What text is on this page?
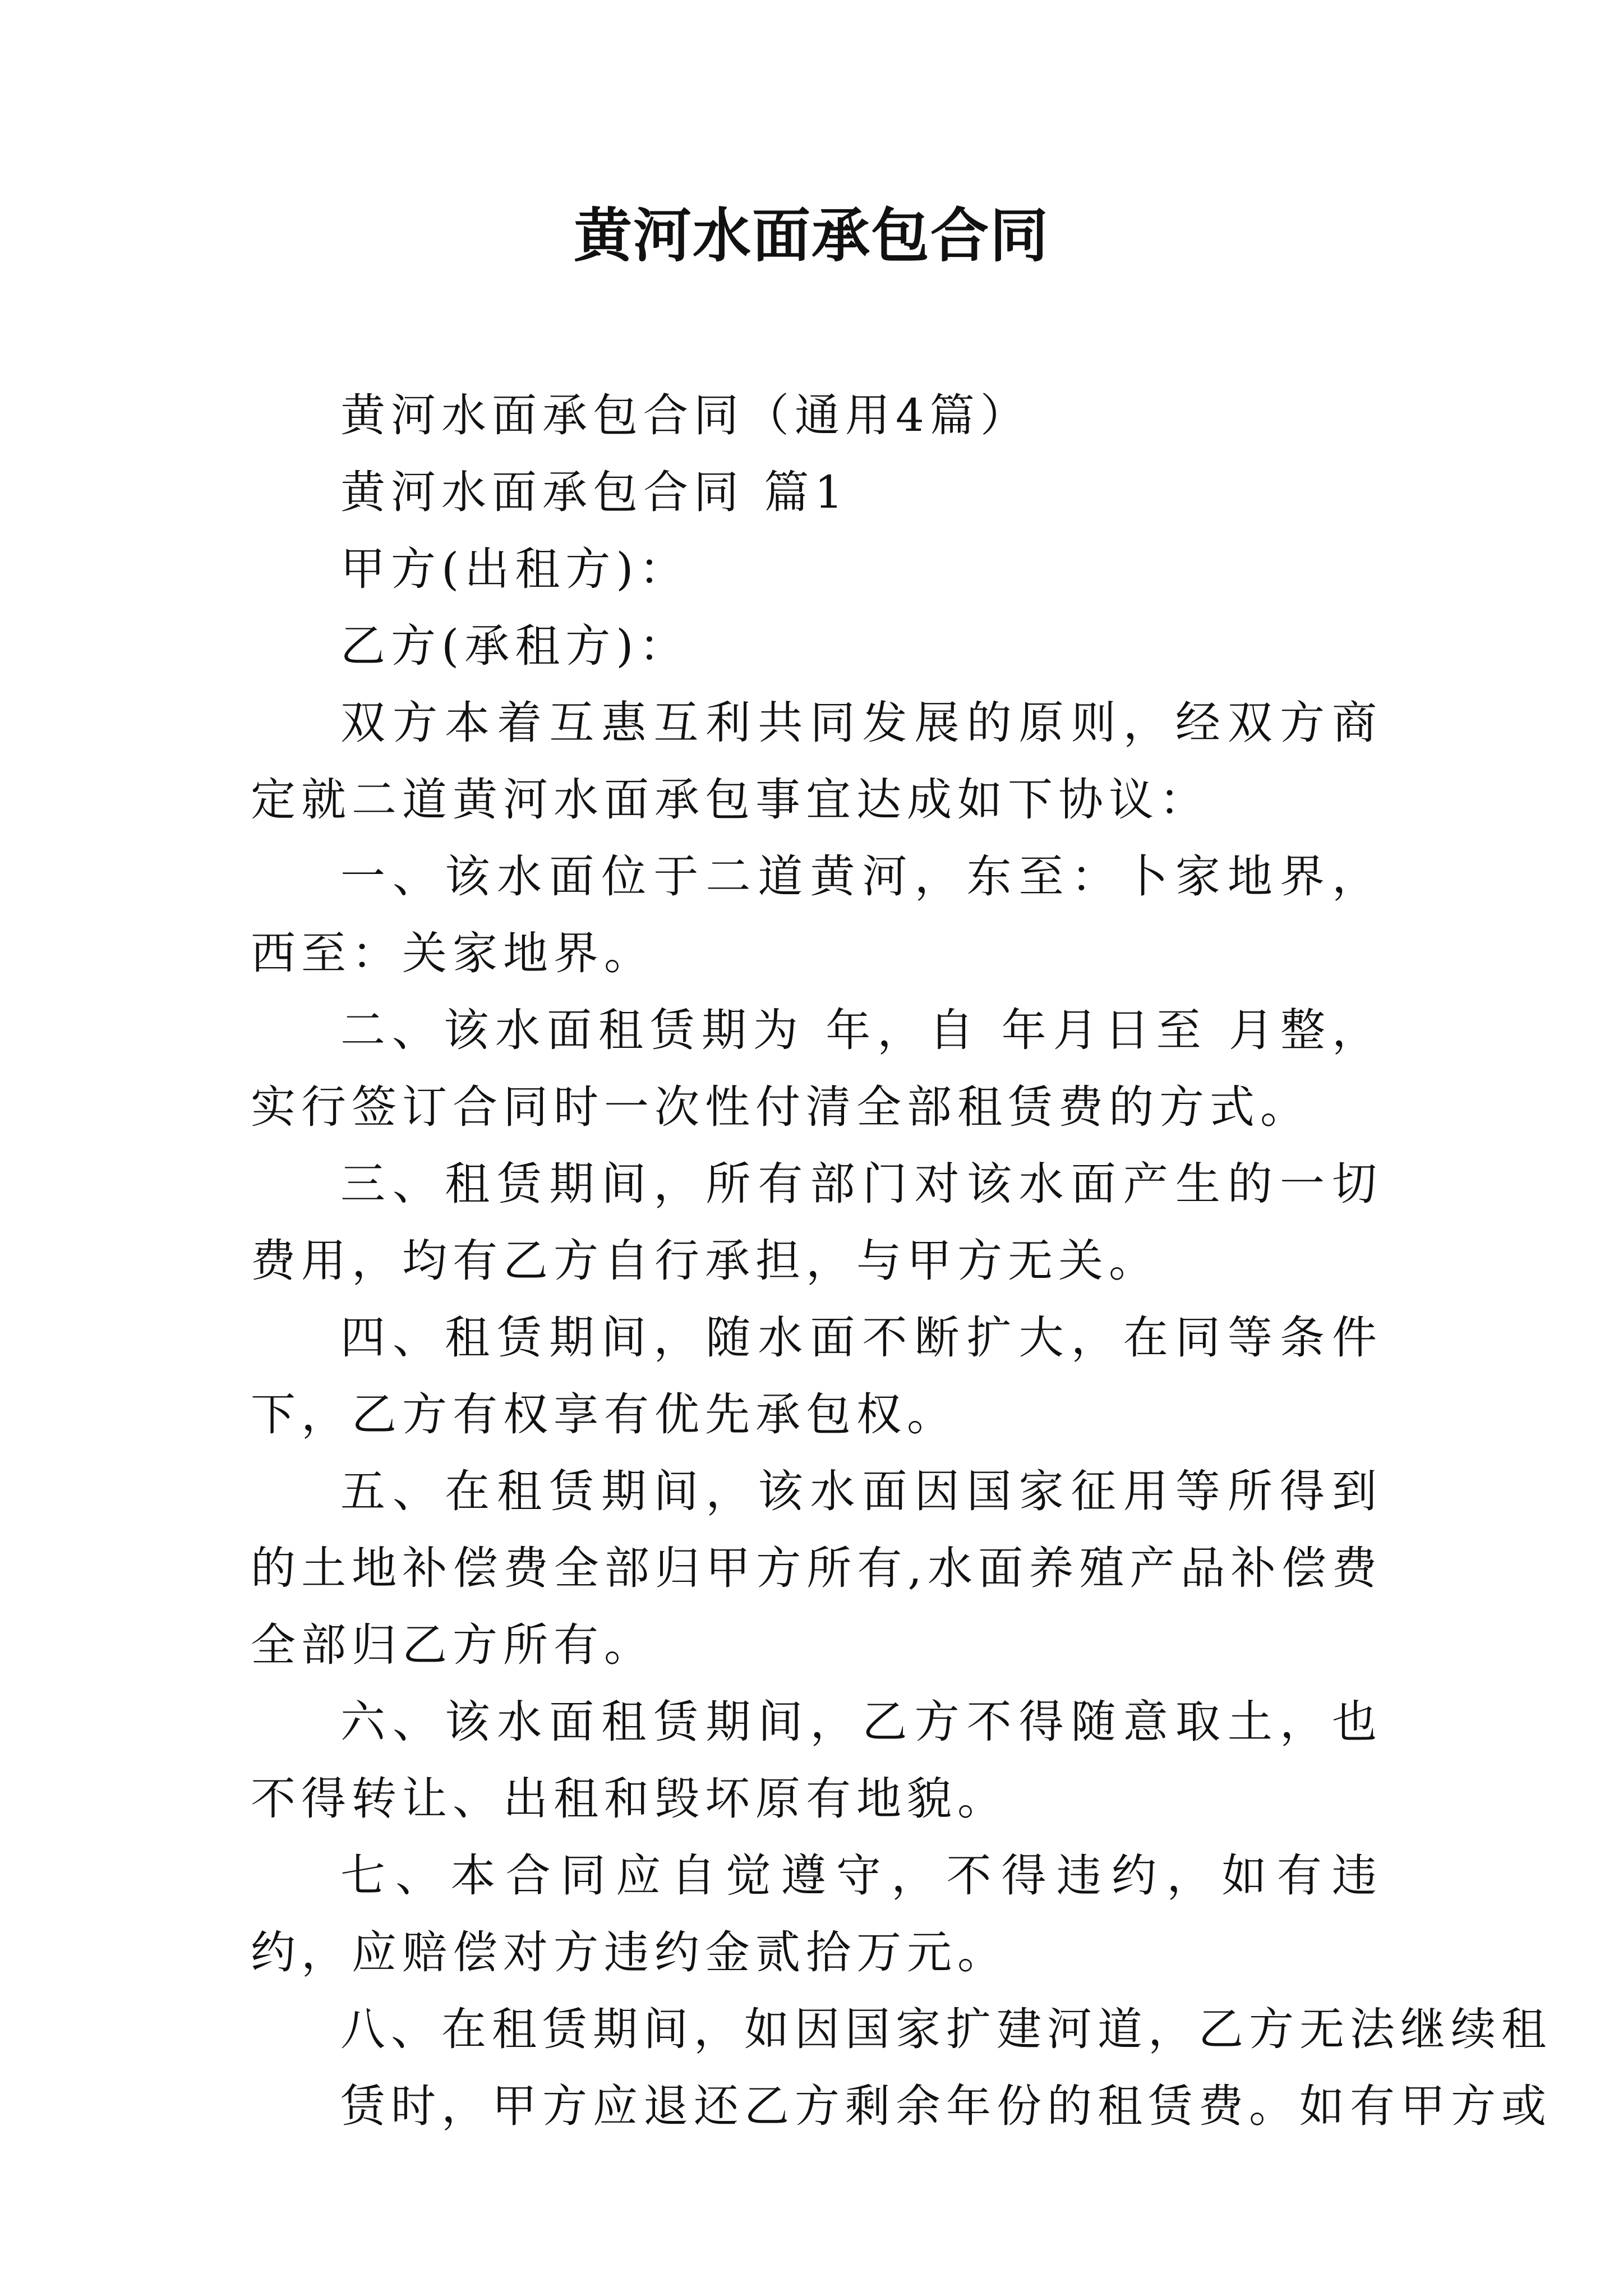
黄河水面承包合同

黄河水面承包合同（通用4篇）

黄河水面承包合同 篇1

甲方(出租方)：

乙方(承租方)：

双方本着互惠互利共同发展的原则，经双方商定就二道黄河水面承包事宜达成如下协议：

一、该水面位于二道黄河，东至：卜家地界，西至：关家地界。

二、该水面租赁期为 年，自 年月日至 月整，实行签订合同时一次性付清全部租赁费的方式。

三、租赁期间，所有部门对该水面产生的一切费用，均有乙方自行承担，与甲方无关。

四、租赁期间，随水面不断扩大，在同等条件下，乙方有权享有优先承包权。

五、在租赁期间，该水面因国家征用等所得到的土地补偿费全部归甲方所有,水面养殖产品补偿费全部归乙方所有。

六、该水面租赁期间，乙方不得随意取土，也不得转让、出租和毁坏原有地貌。

七、本合同应自觉遵守，不得违约，如有违约，应赔偿对方违约金贰拾万元。

八、在租赁期间，如因国家扩建河道，乙方无法继续租

赁时，甲方应退还乙方剩余年份的租赁费。如有甲方或
